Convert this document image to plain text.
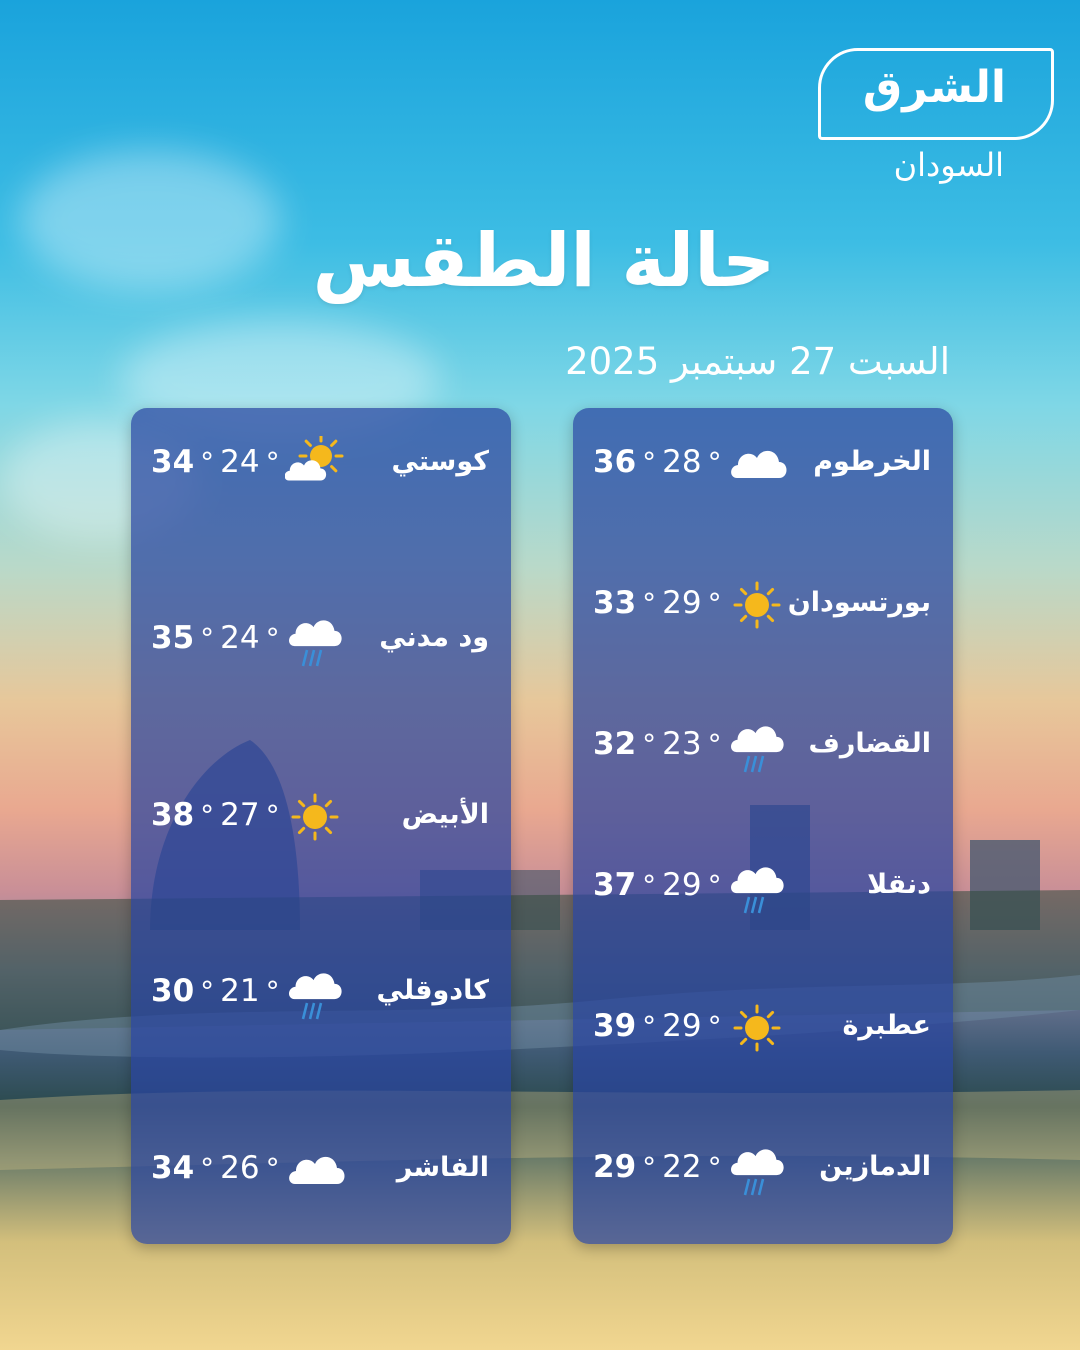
الشرق
السودان
حالة الطقس
السبت 27 سبتمبر 2025
36 ° 28 °	الخرطوم
33 ° 29 ° بورتسودان
32 ° 23 °	القضارف
37 ° 29 °	دنقلا
39 ° 29 °	عطبرة
29 ° 22 °	الدمازين
34 ° 24 °	كوستي
35 ° 24 °	ود مدني
38 ° 27 °	الأبيض
30 ° 21 °	كادوقلي
34 ° 26 °	الفاشر
